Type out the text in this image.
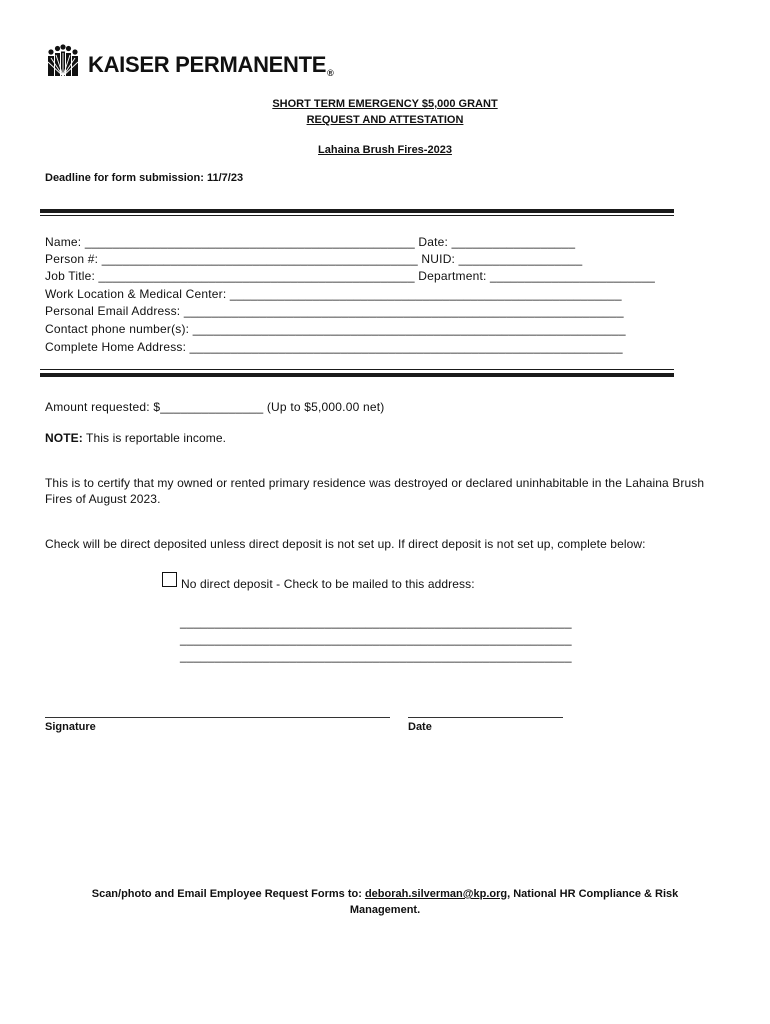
KAISER PERMANENTE®
SHORT TERM EMERGENCY $5,000 GRANT
REQUEST AND ATTESTATION
Lahaina Brush Fires-2023
Deadline for form submission: 11/7/23
Name: ________________________________________________ Date: __________________
Person #: ______________________________________________ NUID: __________________
Job Title: ______________________________________________ Department: ________________________
Work Location & Medical Center: _________________________________________________________
Personal Email Address: ________________________________________________________________
Contact phone number(s): _______________________________________________________________
Complete Home Address: _______________________________________________________________
Amount requested: $_______________ (Up to $5,000.00 net)
NOTE: This is reportable income.
This is to certify that my owned or rented primary residence was destroyed or declared uninhabitable in the Lahaina Brush Fires of August 2023.
Check will be direct deposited unless direct deposit is not set up. If direct deposit is not set up, complete below:
No direct deposit - Check to be mailed to this address:
_________________________________________________________
_________________________________________________________
_________________________________________________________
Signature	Date
Scan/photo and Email Employee Request Forms to: deborah.silverman@kp.org, National HR Compliance & Risk
Management.
